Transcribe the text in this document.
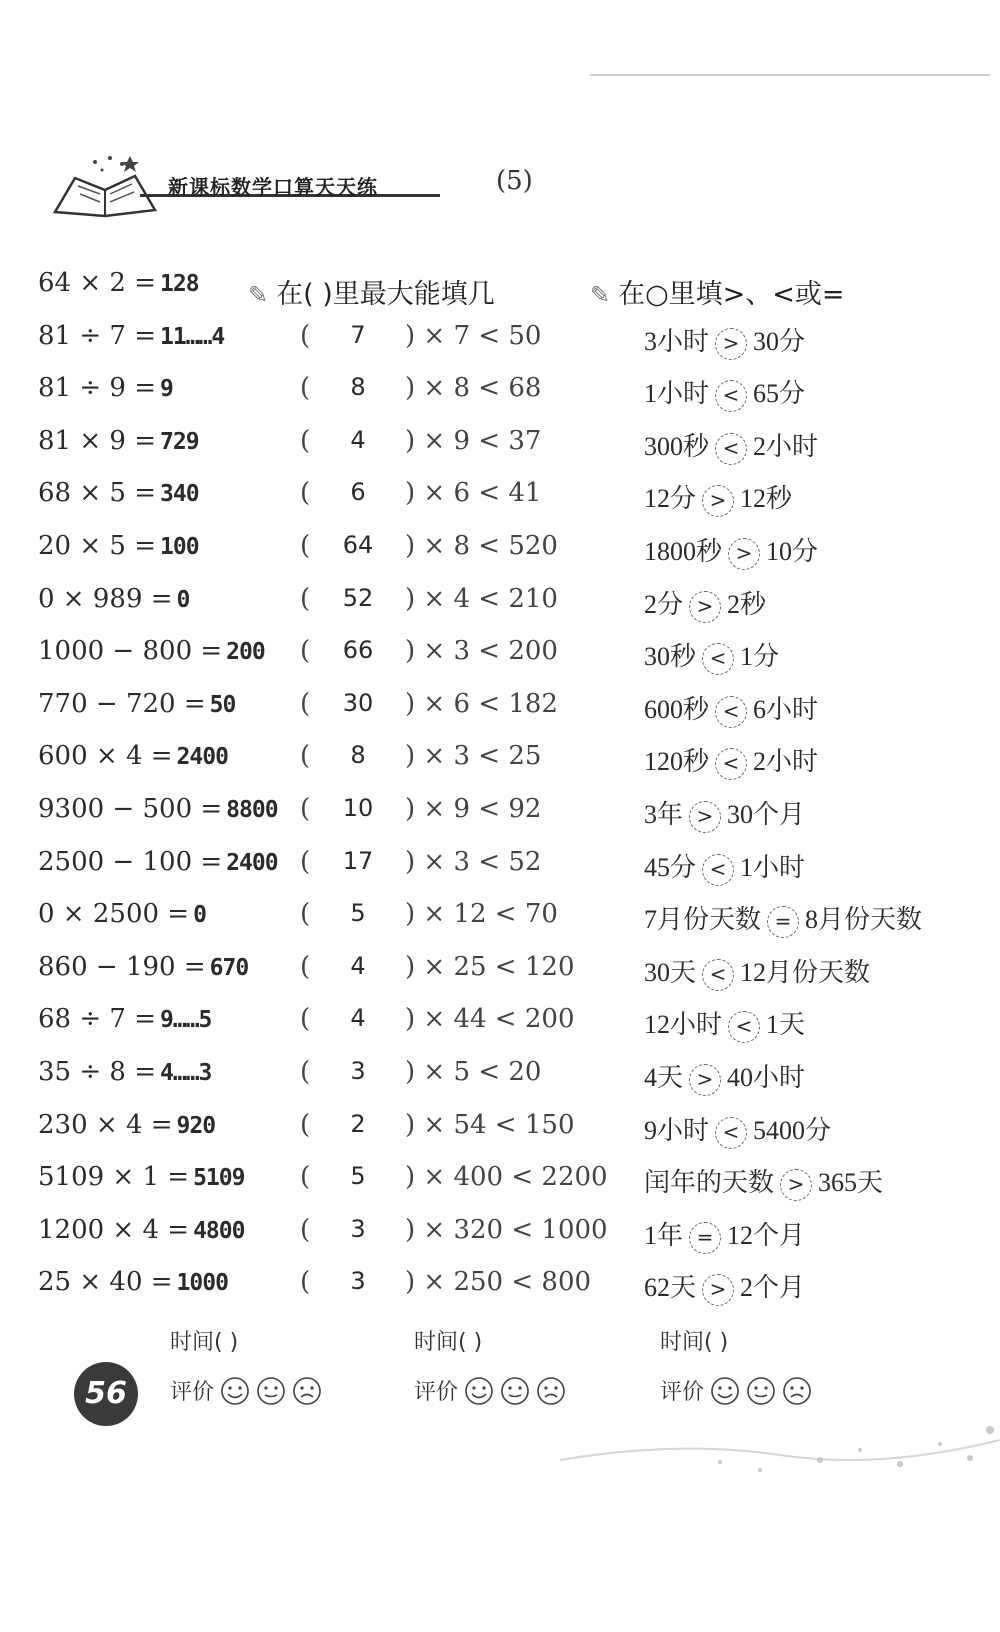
新课标数学口算天天练	(5)
✎ 在( )里最大能填几	✎ 在○里填>、<或=
64 × 2 = 128
81 ÷ 7 = 11……4	(	7	) × 7 < 50	3小时 > 30分
81 ÷ 9 = 9	(	8	) × 8 < 68	1小时 < 65分
81 × 9 = 729	(	4	) × 9 < 37	300秒 < 2小时
68 × 5 = 340	(	6	) × 6 < 41	12分 > 12秒
20 × 5 = 100	(	64	) × 8 < 520	1800秒 > 10分
0 × 989 = 0	(	52	) × 4 < 210	2分 > 2秒
1000 − 800 = 200 (	66	) × 3 < 200	30秒 < 1分
770 − 720 = 50 (	30	) × 6 < 182	600秒 < 6小时
600 × 4 = 2400	(	8	) × 3 < 25	120秒 < 2小时
9300 − 500 = 8800 (	10	) × 9 < 92	3年 > 30个月
2500 − 100 = 2400 (	17	) × 3 < 52	45分 < 1小时
0 × 2500 = 0	(	5	) × 12 < 70	7月份天数 = 8月份天数
860 − 190 = 670 (	4	) × 25 < 120	30天 < 12月份天数
68 ÷ 7 = 9……5	(	4	) × 44 < 200	12小时 < 1天
35 ÷ 8 = 4……3	(	3	) × 5 < 20	4天 > 40小时
230 × 4 = 920	(	2	) × 54 < 150	9小时 < 5400分
5109 × 1 = 5109 (	5	) × 400 < 2200 闰年的天数 > 365天
1200 × 4 = 4800 (	3	) × 320 < 1000 1年 = 12个月
25 × 40 = 1000	(	3	) × 250 < 800 62天 > 2个月
时间( )
评价
时间( )
评价
时间( )
评价
56
